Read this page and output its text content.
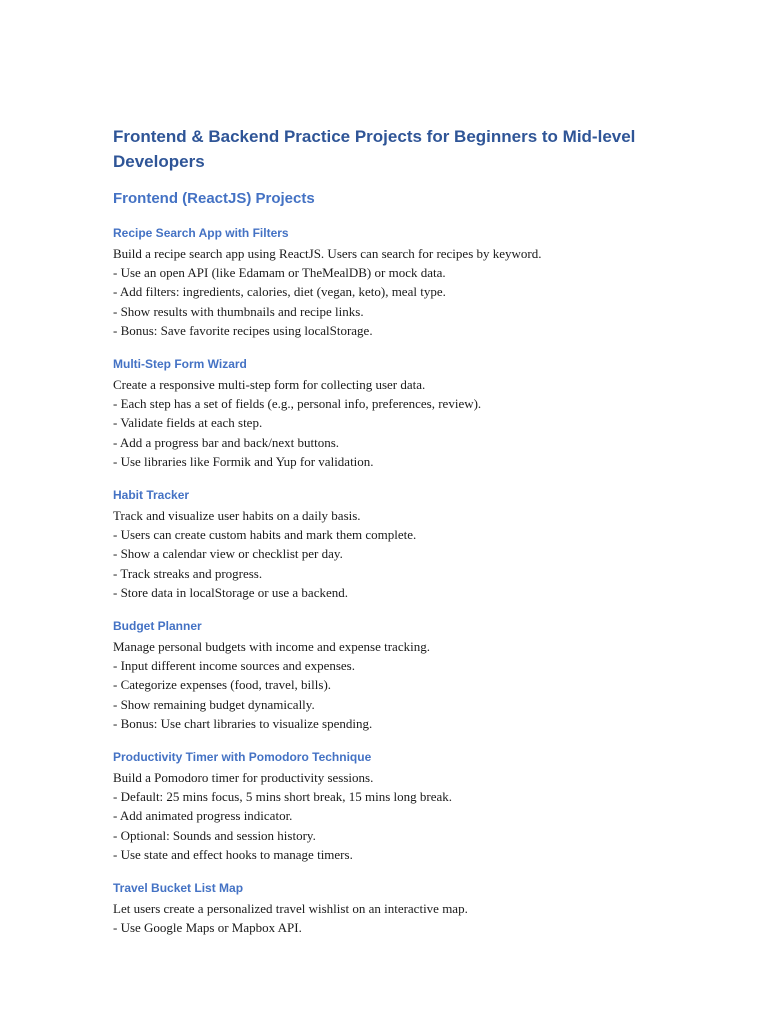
Frontend & Backend Practice Projects for Beginners to Mid-level Developers
Frontend (ReactJS) Projects
Recipe Search App with Filters

Build a recipe search app using ReactJS. Users can search for recipes by keyword.

- Use an open API (like Edamam or TheMealDB) or mock data.

- Add filters: ingredients, calories, diet (vegan, keto), meal type.

- Show results with thumbnails and recipe links.

- Bonus: Save favorite recipes using localStorage.

Multi-Step Form Wizard

Create a responsive multi-step form for collecting user data.

- Each step has a set of fields (e.g., personal info, preferences, review).

- Validate fields at each step.

- Add a progress bar and back/next buttons.

- Use libraries like Formik and Yup for validation.

Habit Tracker

Track and visualize user habits on a daily basis.

- Users can create custom habits and mark them complete.

- Show a calendar view or checklist per day.

- Track streaks and progress.

- Store data in localStorage or use a backend.

Budget Planner

Manage personal budgets with income and expense tracking.

- Input different income sources and expenses.

- Categorize expenses (food, travel, bills).

- Show remaining budget dynamically.

- Bonus: Use chart libraries to visualize spending.

Productivity Timer with Pomodoro Technique

Build a Pomodoro timer for productivity sessions.

- Default: 25 mins focus, 5 mins short break, 15 mins long break.

- Add animated progress indicator.

- Optional: Sounds and session history.

- Use state and effect hooks to manage timers.

Travel Bucket List Map

Let users create a personalized travel wishlist on an interactive map.

- Use Google Maps or Mapbox API.
